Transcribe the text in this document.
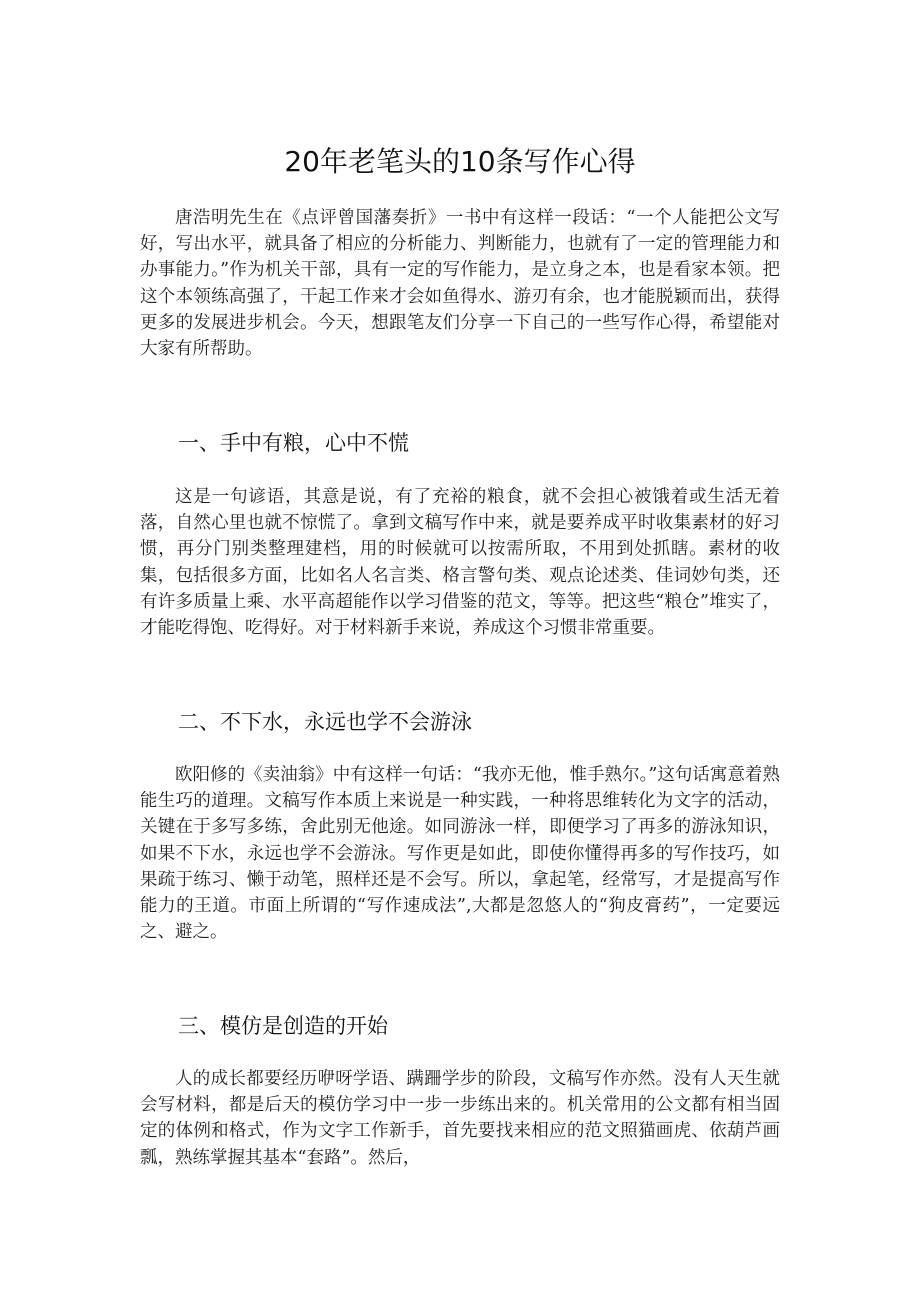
20年老笔头的10条写作心得

唐浩明先生在《点评曾国藩奏折》一书中有这样一段话：“一个人能把公文写好，写出水平，就具备了相应的分析能力、判断能力，也就有了一定的管理能力和办事能力。”作为机关干部，具有一定的写作能力，是立身之本，也是看家本领。把这个本领练高强了，干起工作来才会如鱼得水、游刃有余，也才能脱颖而出，获得更多的发展进步机会。今天，想跟笔友们分享一下自己的一些写作心得，希望能对大家有所帮助。

一、手中有粮，心中不慌

这是一句谚语，其意是说，有了充裕的粮食，就不会担心被饿着或生活无着落，自然心里也就不惊慌了。拿到文稿写作中来，就是要养成平时收集素材的好习惯，再分门别类整理建档，用的时候就可以按需所取，不用到处抓瞎。素材的收集，包括很多方面，比如名人名言类、格言警句类、观点论述类、佳词妙句类，还有许多质量上乘、水平高超能作以学习借鉴的范文，等等。把这些“粮仓”堆实了，才能吃得饱、吃得好。对于材料新手来说，养成这个习惯非常重要。

二、不下水，永远也学不会游泳

欧阳修的《卖油翁》中有这样一句话：“我亦无他，惟手熟尔。”这句话寓意着熟能生巧的道理。文稿写作本质上来说是一种实践，一种将思维转化为文字的活动，关键在于多写多练，舍此别无他途。如同游泳一样，即便学习了再多的游泳知识，如果不下水，永远也学不会游泳。写作更是如此，即使你懂得再多的写作技巧，如果疏于练习、懒于动笔，照样还是不会写。所以，拿起笔，经常写，才是提高写作能力的王道。市面上所谓的“写作速成法”,大都是忽悠人的“狗皮膏药”，一定要远之、避之。

三、模仿是创造的开始

人的成长都要经历咿呀学语、蹒跚学步的阶段，文稿写作亦然。没有人天生就会写材料，都是后天的模仿学习中一步一步练出来的。机关常用的公文都有相当固定的体例和格式，作为文字工作新手，首先要找来相应的范文照猫画虎、依葫芦画瓢，熟练掌握其基本“套路”。然后，
